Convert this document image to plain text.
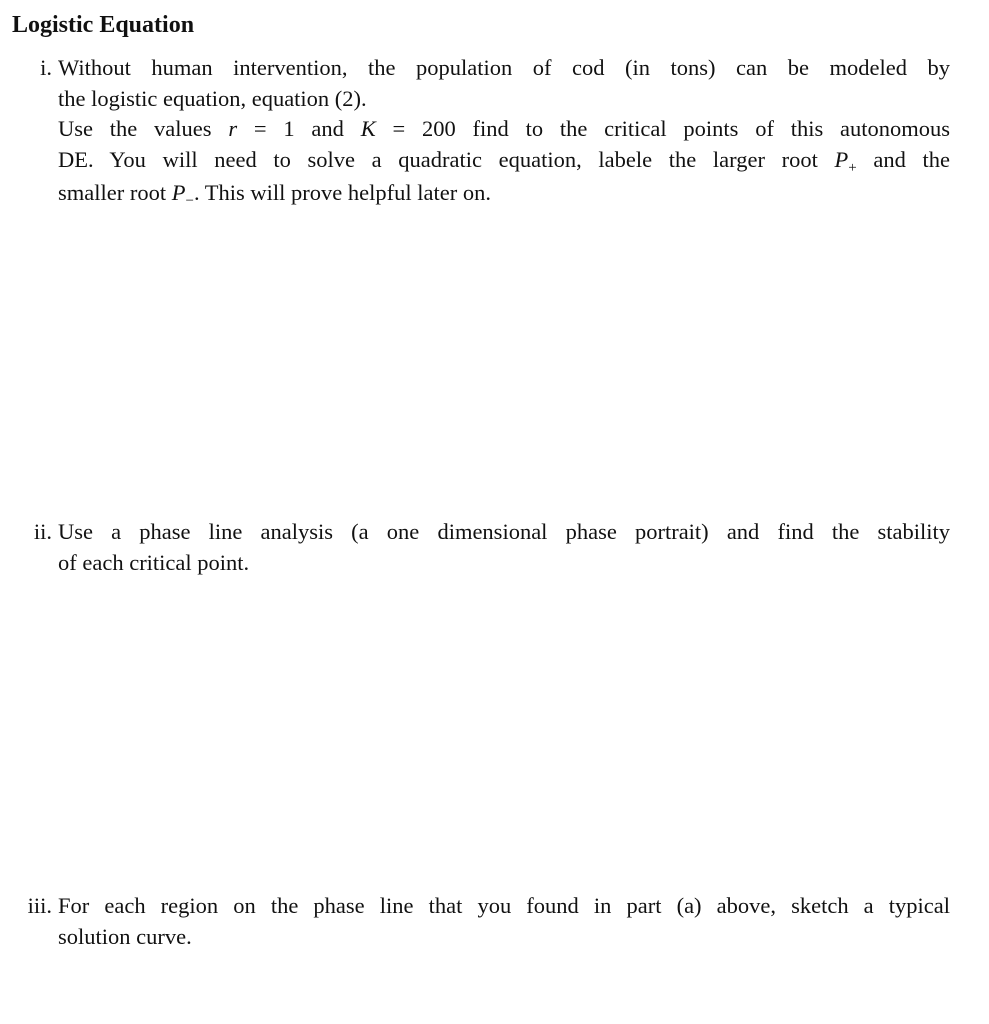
Logistic Equation
i. Without human intervention, the population of cod (in tons) can be modeled by
the logistic equation, equation (2).
Use the values r = 1 and K = 200 find to the critical points of this autonomous
DE. You will need to solve a quadratic equation, labele the larger root $P_+$ and the
smaller root $P_-$. This will prove helpful later on.
ii. Use a phase line analysis (a one dimensional phase portrait) and find the stability
of each critical point.
iii. For each region on the phase line that you found in part (a) above, sketch a typical
solution curve.
